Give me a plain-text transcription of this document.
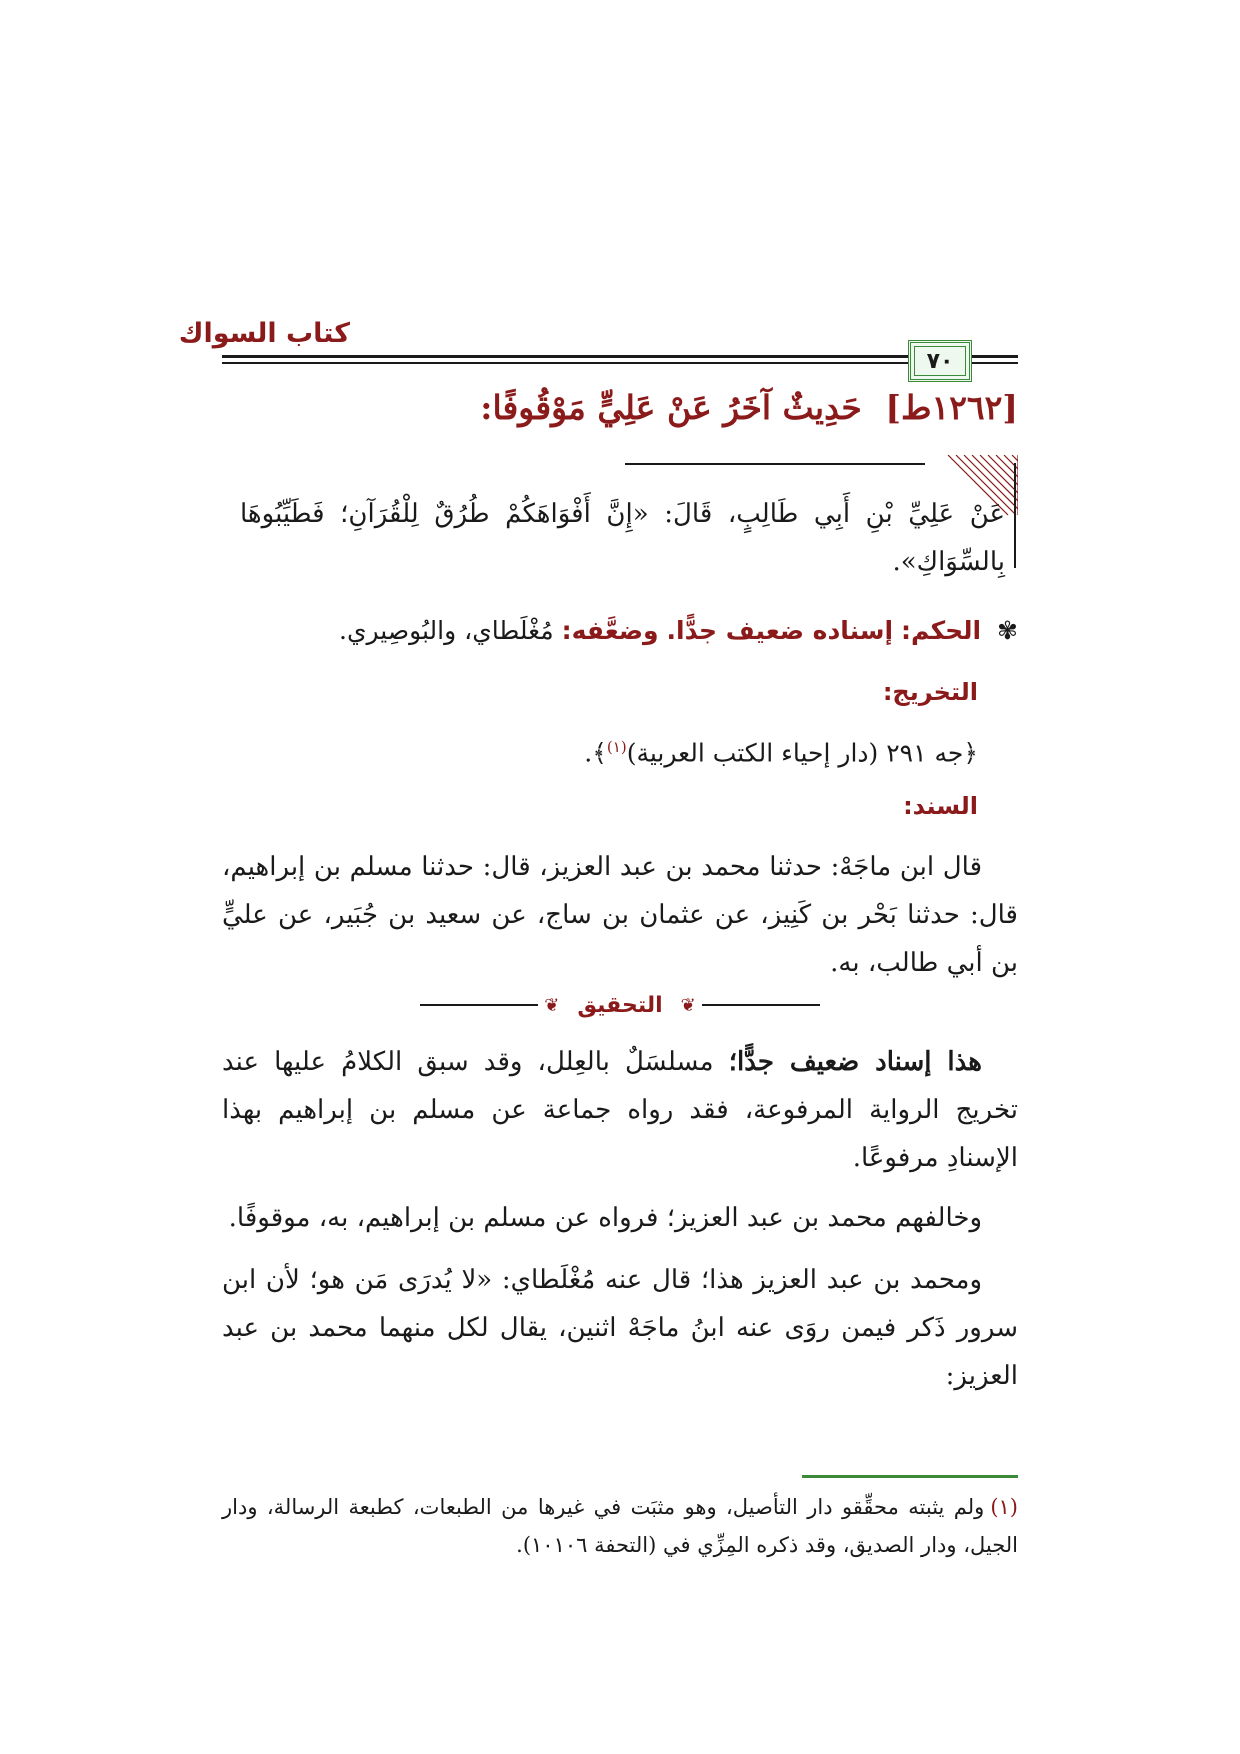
كتاب السواك
٧٠
[١٢٦٢ط] حَدِيثٌ آخَرُ عَنْ عَلِيٍّ مَوْقُوفًا:
عَنْ عَلِيِّ بْنِ أَبِي طَالِبٍ، قَالَ: «إِنَّ أَفْوَاهَكُمْ طُرُقٌ لِلْقُرَآنِ؛ فَطَيِّبُوهَا بِالسِّوَاكِ».
✾ الحكم: إسناده ضعيف جدًّا. وضعَّفه: مُغْلَطاي، والبُوصِيري.
التخريج:
﴿جه ٢٩١ (دار إحياء الكتب العربية)$^{(١)}$﴾.
السند:
قال ابن ماجَهْ: حدثنا محمد بن عبد العزيز، قال: حدثنا مسلم بن إبراهيم، قال: حدثنا بَحْر بن كَنِيز، عن عثمان بن ساج، عن سعيد بن جُبَير، عن عليٍّ بن أبي طالب، به.
❦
التحقيق
❦
هذا إسناد ضعيف جدًّا؛ مسلسَلٌ بالعِلل، وقد سبق الكلامُ عليها عند تخريج الرواية المرفوعة، فقد رواه جماعة عن مسلم بن إبراهيم بهذا الإسنادِ مرفوعًا.
وخالفهم محمد بن عبد العزيز؛ فرواه عن مسلم بن إبراهيم، به، موقوفًا.
ومحمد بن عبد العزيز هذا؛ قال عنه مُغْلَطاي: «لا يُدرَى مَن هو؛ لأن ابن سرور ذَكر فيمن روَى عنه ابنُ ماجَهْ اثنين، يقال لكل منهما محمد بن عبد العزيز:
(١)ولم يثبته محقِّقو دار التأصيل، وهو مثبَت في غيرها من الطبعات، كطبعة الرسالة، ودار الجيل، ودار الصديق، وقد ذكره المِزِّي في (التحفة ١٠١٠٦).
